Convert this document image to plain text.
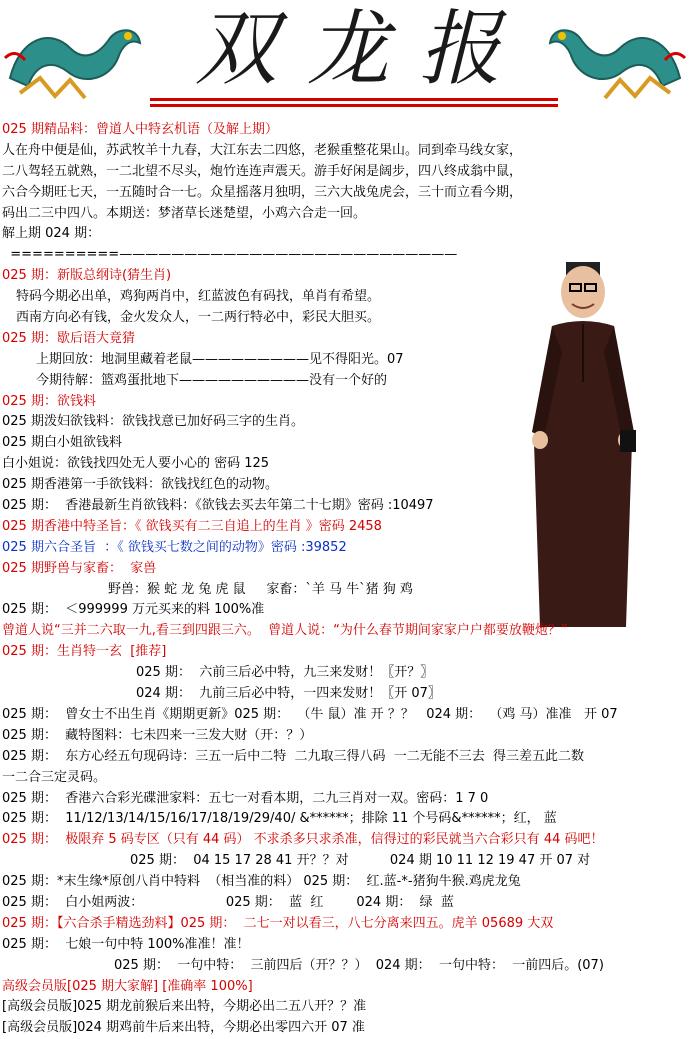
双龙报
025 期精品料：曾道人中特玄机语（及解上期）
人在舟中便是仙，苏武牧羊十九春，大江东去二四悠，老猴重整花果山。同到牵马线女家，
二八驾轻五就熟，一二北望不尽头，炮竹连连声震天。游手好闲是阔步，四八终成翁中鼠，
六合今期旺七天，一五随时合一七。众星摇落月独明，三六大战兔虎会，三十而立看今期，
码出二三中四八。本期送：梦渚草长迷楚望，小鸡六合走一回。
解上期 024 期：
==========——————————————————————————
025 期：新版总纲诗(猜生肖)
特码今期必出单，鸡狗两肖中，红蓝波色有码找，单肖有希望。
西南方向必有钱，金火发众人，一二两行特必中，彩民大胆买。
025 期：歇后语大竟猜
上期回放：地洞里藏着老鼠—————————见不得阳光。07
今期待解：篮鸡蛋批地下——————————没有一个好的
025 期：欲钱料
025 期泼妇欲钱料：欲钱找意已加好码三字的生肖。
025 期白小姐欲钱料
白小姐说：欲钱找四处无人要小心的 密码 125
025 期香港第一手欲钱料：欲钱找红色的动物。
025 期：  香港最新生肖欲钱料：《欲钱去买去年第二十七期》密码 :10497
025 期香港中特圣旨：《 欲钱买有二三自追上的生肖 》密码 2458
025 期六合圣旨  ：《 欲钱买七数之间的动物》密码 :39852
025 期野兽与家畜：  家兽
野兽：猴 蛇 龙 兔 虎 鼠     家畜：`羊 马 牛`猪 狗 鸡
025 期：  ＜999999 万元买来的料 100%准
曾道人说“三并二六取一九,看三到四跟三六。  曾道人说：“为什么春节期间家家户户都要放鞭炮？”
025 期：生肖特一玄  [推荐]
025 期：  六前三后必中特，九三来发财！〖开？〗
024 期：  九前三后必中特，一四来发财！〖开 07〗
025 期：  曾女士不出生肖《期期更新》025 期：  （牛 鼠）准 开 ？？   024 期：  （鸡 马）准准   开 07
025 期：  藏特图料：七未四来一三发大财（开：？）
025 期：  东方心经五句现码诗：三五一后中二特  二九取三得八码  一二无能不三去  得三差五此二数
一二合三定灵码。
025 期：  香港六合彩光碟泄家料：五七一对看本期，二九三肖对一双。密码：1 7 0
025 期：  11/12/13/14/15/16/17/18/19/29/40/ &******；排除 11 个号码&******；红， 蓝
025 期：  极限弃 5 码专区（只有 44 码） 不求杀多只求杀准，信得过的彩民就当六合彩只有 44 码吧！
025 期：  04 15 17 28 41 开？？对          024 期 10 11 12 19 47 开 07 对
025 期：*末生缘*原创八肖中特料  （相当准的料） 025 期：  红.蓝-*-猪狗牛猴.鸡虎龙兔
025 期：  白小姐两波：                    025 期：  蓝  红        024 期：  绿  蓝
025 期：【六合杀手精选劲料】025 期：  二七一对以看三，八七分离来四五。虎羊 05689 大双
025 期：  七娘一句中特 100%准准！准！
025 期：  一句中特：  三前四后（开？？）  024 期：  一句中特：  一前四后。(07)
高级会员版[025 期大家解] [准确率 100%]
[高级会员版]025 期龙前猴后来出特，今期必出二五八开？？准
[高级会员版]024 期鸡前牛后来出特，今期必出零四六开 07 准
